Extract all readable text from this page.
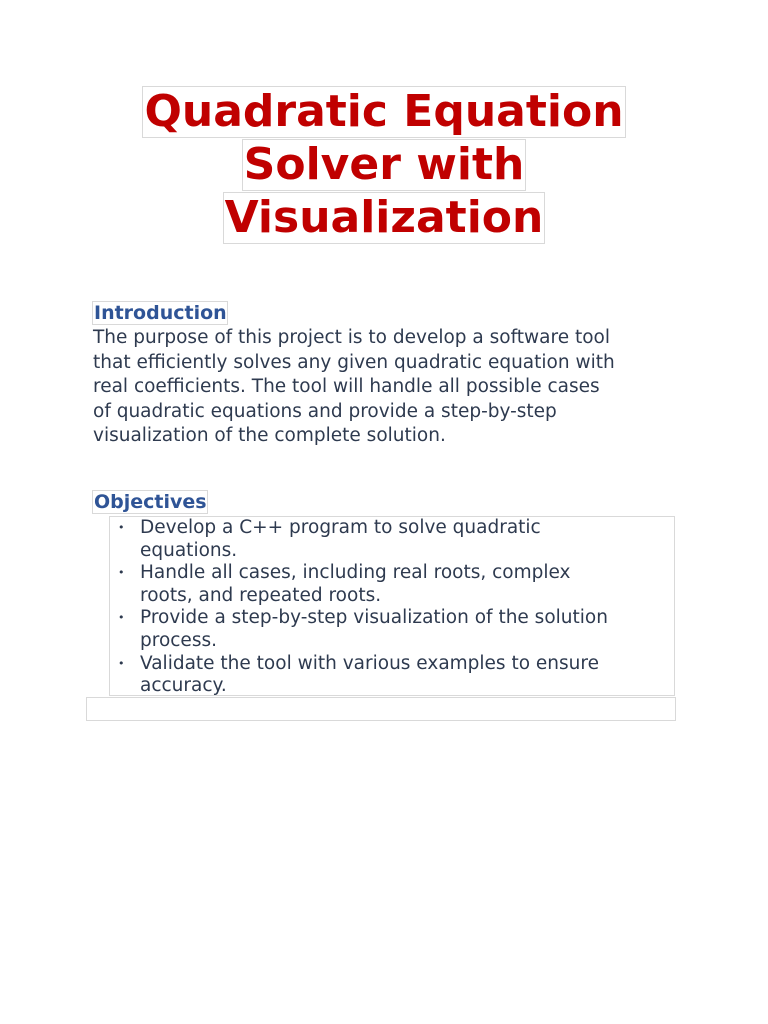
Quadratic Equation
Solver with
Visualization
Introduction
The purpose of this project is to develop a software tool
that efficiently solves any given quadratic equation with
real coefficients. The tool will handle all possible cases
of quadratic equations and provide a step-by-step
visualization of the complete solution.
Objectives
• Develop a C++ program to solve quadratic
equations.
• Handle all cases, including real roots, complex
roots, and repeated roots.
• Provide a step-by-step visualization of the solution
process.
• Validate the tool with various examples to ensure
accuracy.
